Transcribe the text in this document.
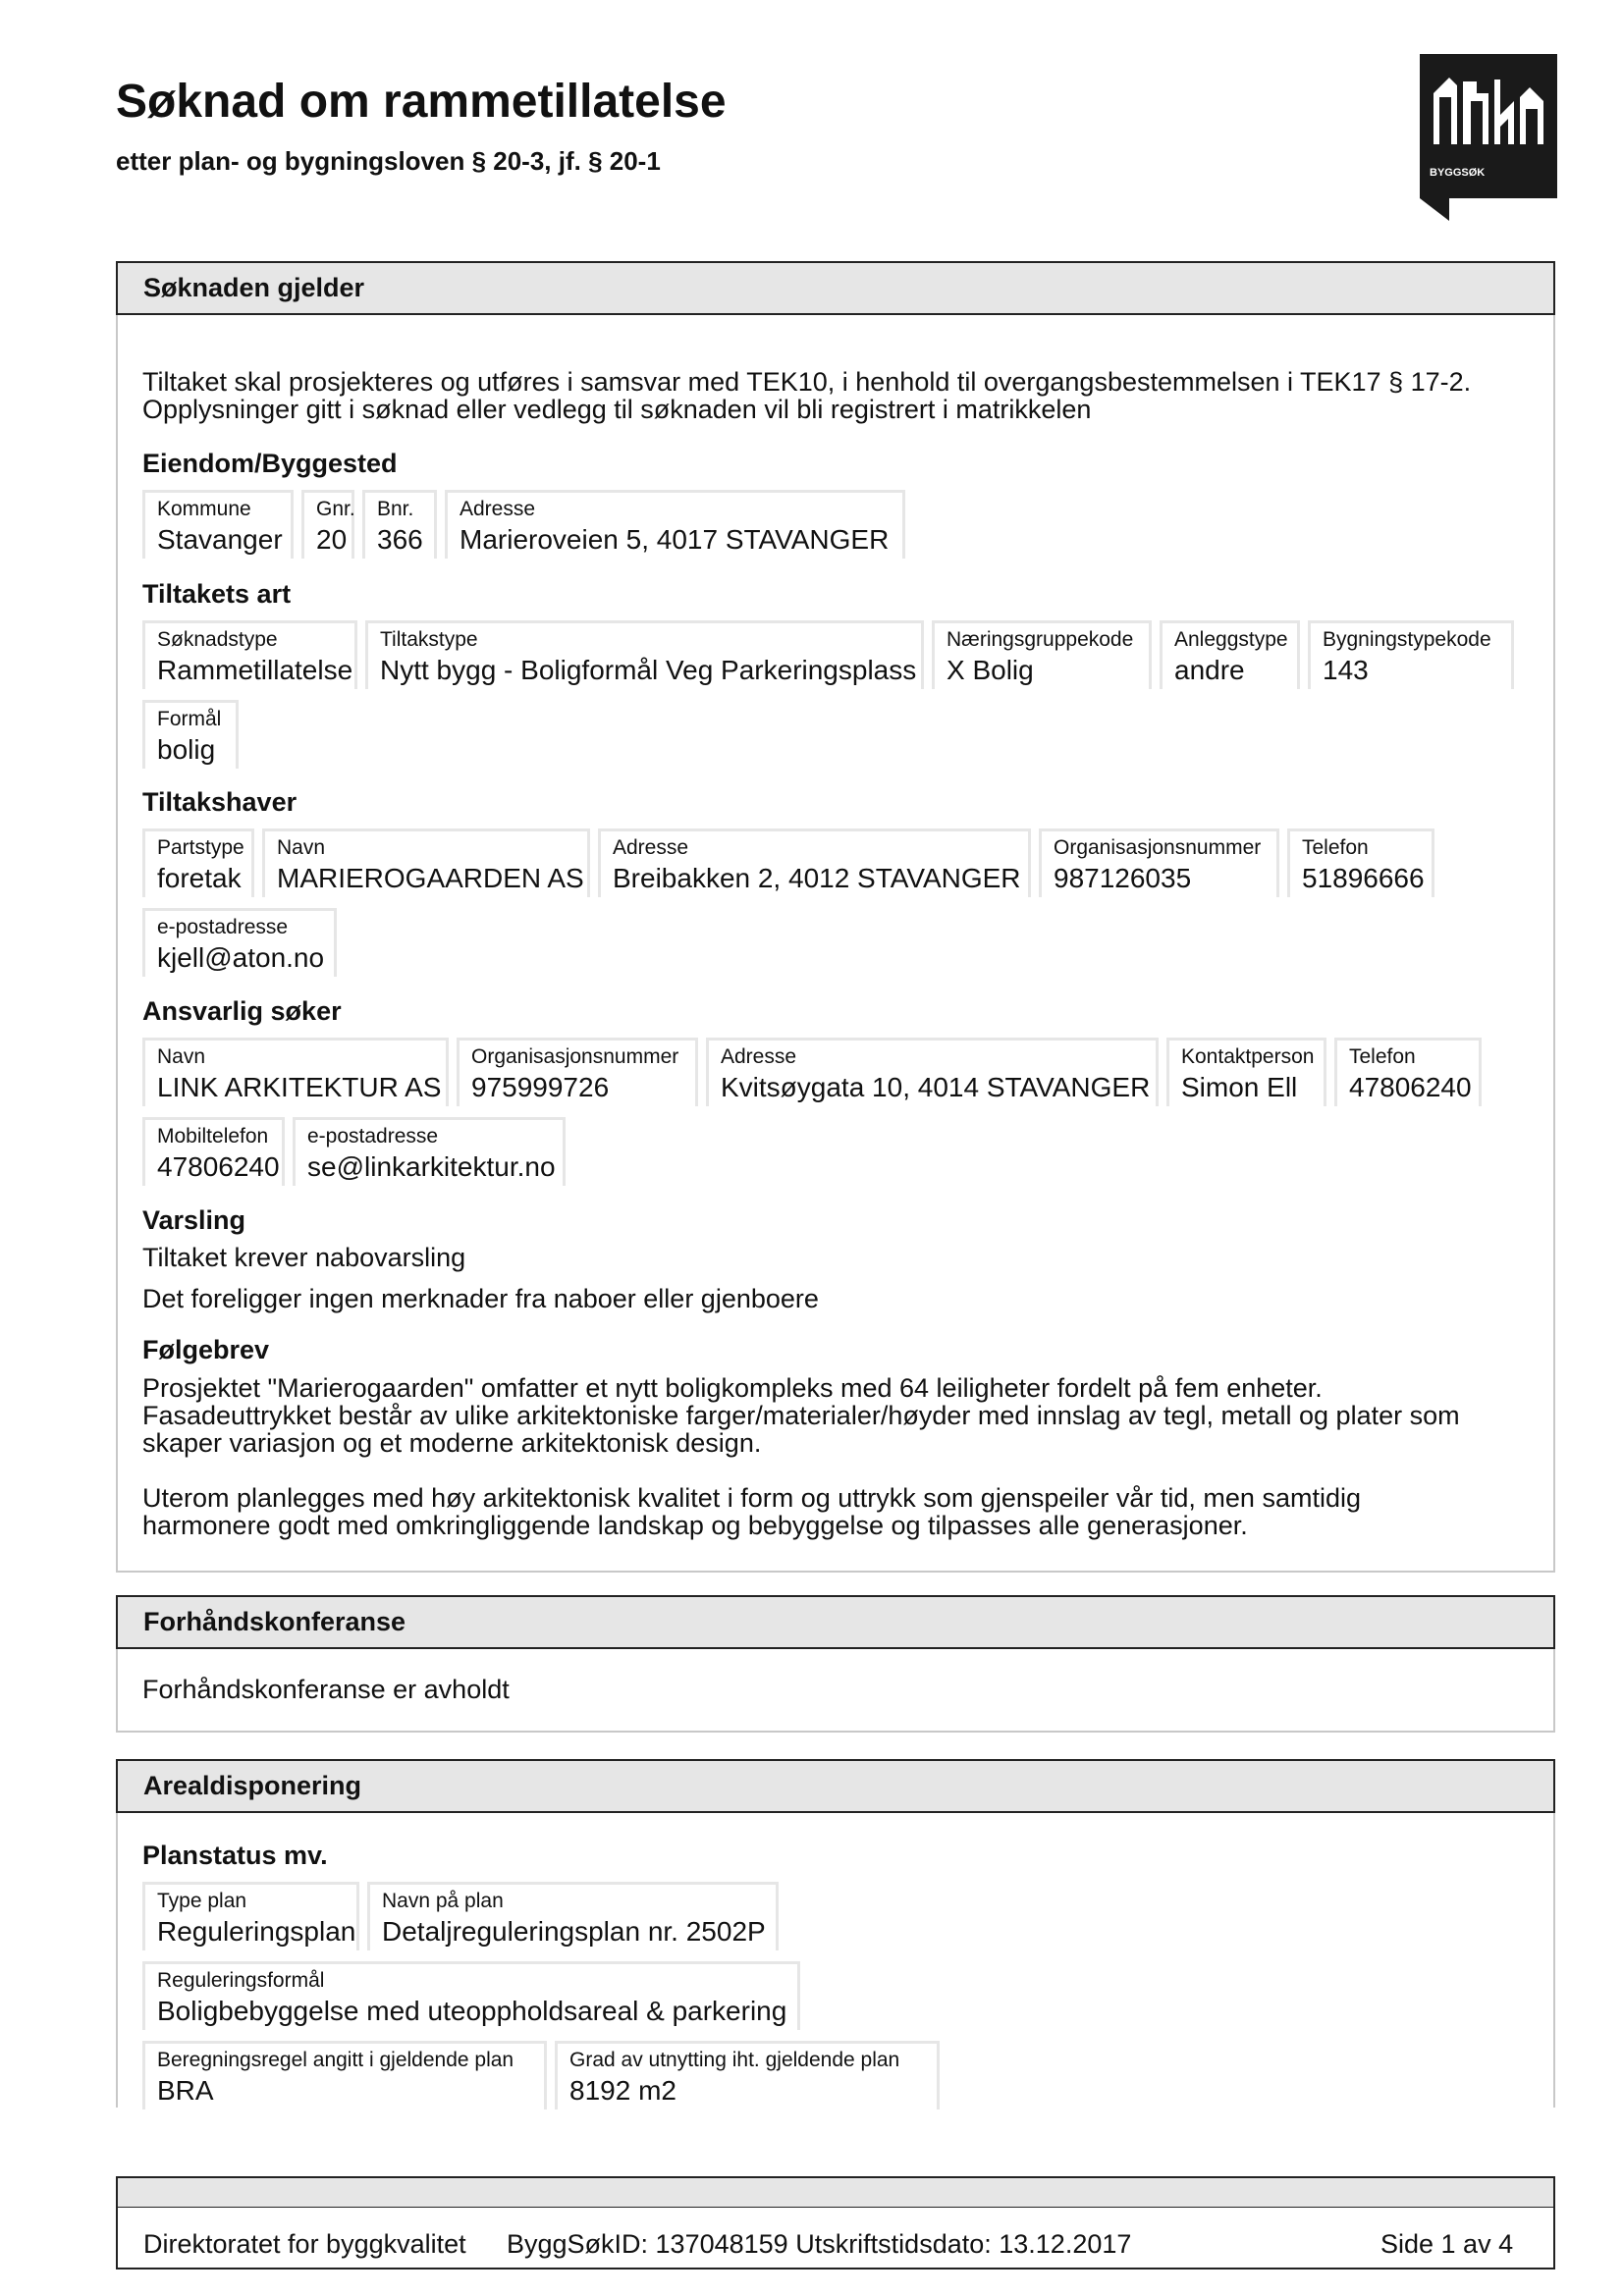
Søknad om rammetillatelse
etter plan- og bygningsloven § 20-3, jf. § 20-1	BYGGSØK
Søknaden gjelder
Tiltaket skal prosjekteres og utføres i samsvar med TEK10, i henhold til overgangsbestemmelsen i TEK17 § 17-2.
Opplysninger gitt i søknad eller vedlegg til søknaden vil bli registrert i matrikkelen
Eiendom/Byggested
Kommune
Stavanger
Gnr.
20
Bnr.
366
Adresse
Marieroveien 5, 4017 STAVANGER
Tiltakets art
Søknadstype
Rammetillatelse
Tiltakstype
Nytt bygg - Boligformål Veg Parkeringsplass
Næringsgruppekode
X Bolig
Anleggstype
andre
Bygningstypekode
143
Formål
bolig
Tiltakshaver
Partstype
foretak
Navn
MARIEROGAARDEN AS
Adresse
Breibakken 2, 4012 STAVANGER
Organisasjonsnummer
987126035
Telefon
51896666
e-postadresse
kjell@aton.no
Ansvarlig søker
Navn
LINK ARKITEKTUR AS
Organisasjonsnummer
975999726
Adresse
Kvitsøygata 10, 4014 STAVANGER
Kontaktperson
Simon Ell
Telefon
47806240
Mobiltelefon
47806240
e-postadresse
se@linkarkitektur.no
Varsling
Tiltaket krever nabovarsling
Det foreligger ingen merknader fra naboer eller gjenboere
Følgebrev
Prosjektet "Marierogaarden" omfatter et nytt boligkompleks med 64 leiligheter fordelt på fem enheter.
Fasadeuttrykket består av ulike arkitektoniske farger/materialer/høyder med innslag av tegl, metall og plater som
skaper variasjon og et moderne arkitektonisk design.
Uterom planlegges med høy arkitektonisk kvalitet i form og uttrykk som gjenspeiler vår tid, men samtidig
harmonere godt med omkringliggende landskap og bebyggelse og tilpasses alle generasjoner.
Forhåndskonferanse
Forhåndskonferanse er avholdt
Arealdisponering
Planstatus mv.
Type plan
Reguleringsplan
Navn på plan
Detaljreguleringsplan nr. 2502P
Reguleringsformål
Boligbebyggelse med uteoppholdsareal & parkering
Beregningsregel angitt i gjeldende plan
BRA
Grad av utnytting iht. gjeldende plan
8192 m2
Direktoratet for byggkvalitet ByggSøkID: 137048159 Utskriftstidsdato: 13.12.2017	Side 1 av 4
